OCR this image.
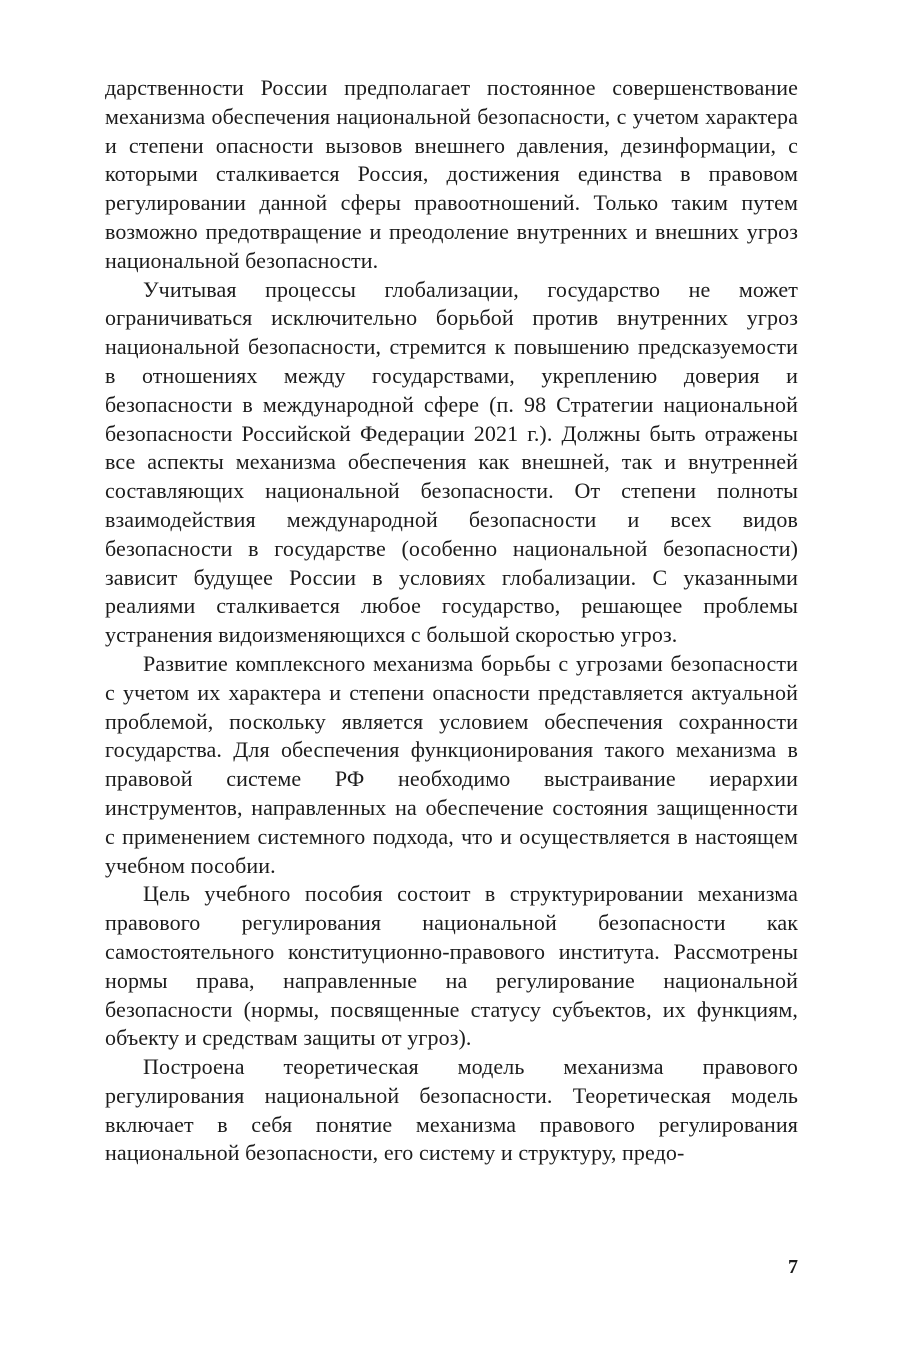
дарственности России предполагает постоянное совершенствование механизма обеспечения национальной безопасности, с учетом характера и степени опасности вызовов внешнего давления, дезинформации, с которыми сталкивается Россия, достижения единства в правовом регулировании данной сферы правоотношений. Только таким путем возможно предотвращение и преодоление внутренних и внешних угроз национальной безопасности.

Учитывая процессы глобализации, государство не может ограничиваться исключительно борьбой против внутренних угроз национальной безопасности, стремится к повышению предсказуемости в отношениях между государствами, укреплению доверия и безопасности в международной сфере (п. 98 Стратегии национальной безопасности Российской Федерации 2021 г.). Должны быть отражены все аспекты механизма обеспечения как внешней, так и внутренней составляющих национальной безопасности. От степени полноты взаимодействия международной безопасности и всех видов безопасности в государстве (особенно национальной безопасности) зависит будущее России в условиях глобализации. С указанными реалиями сталкивается любое государство, решающее проблемы устранения видоизменяющихся с большой скоростью угроз.

Развитие комплексного механизма борьбы с угрозами безопасности с учетом их характера и степени опасности представляется актуальной проблемой, поскольку является условием обеспечения сохранности государства. Для обеспечения функционирования такого механизма в правовой системе РФ необходимо выстраивание иерархии инструментов, направленных на обеспечение состояния защищенности с применением системного подхода, что и осуществляется в настоящем учебном пособии.

Цель учебного пособия состоит в структурировании механизма правового регулирования национальной безопасности как самостоятельного конституционно-правового института. Рассмотрены нормы права, направленные на регулирование национальной безопасности (нормы, посвященные статусу субъектов, их функциям, объекту и средствам защиты от угроз).

Построена теоретическая модель механизма правового регулирования национальной безопасности. Теоретическая модель включает в себя понятие механизма правового регулирования национальной безопасности, его систему и структуру, предо-

7
